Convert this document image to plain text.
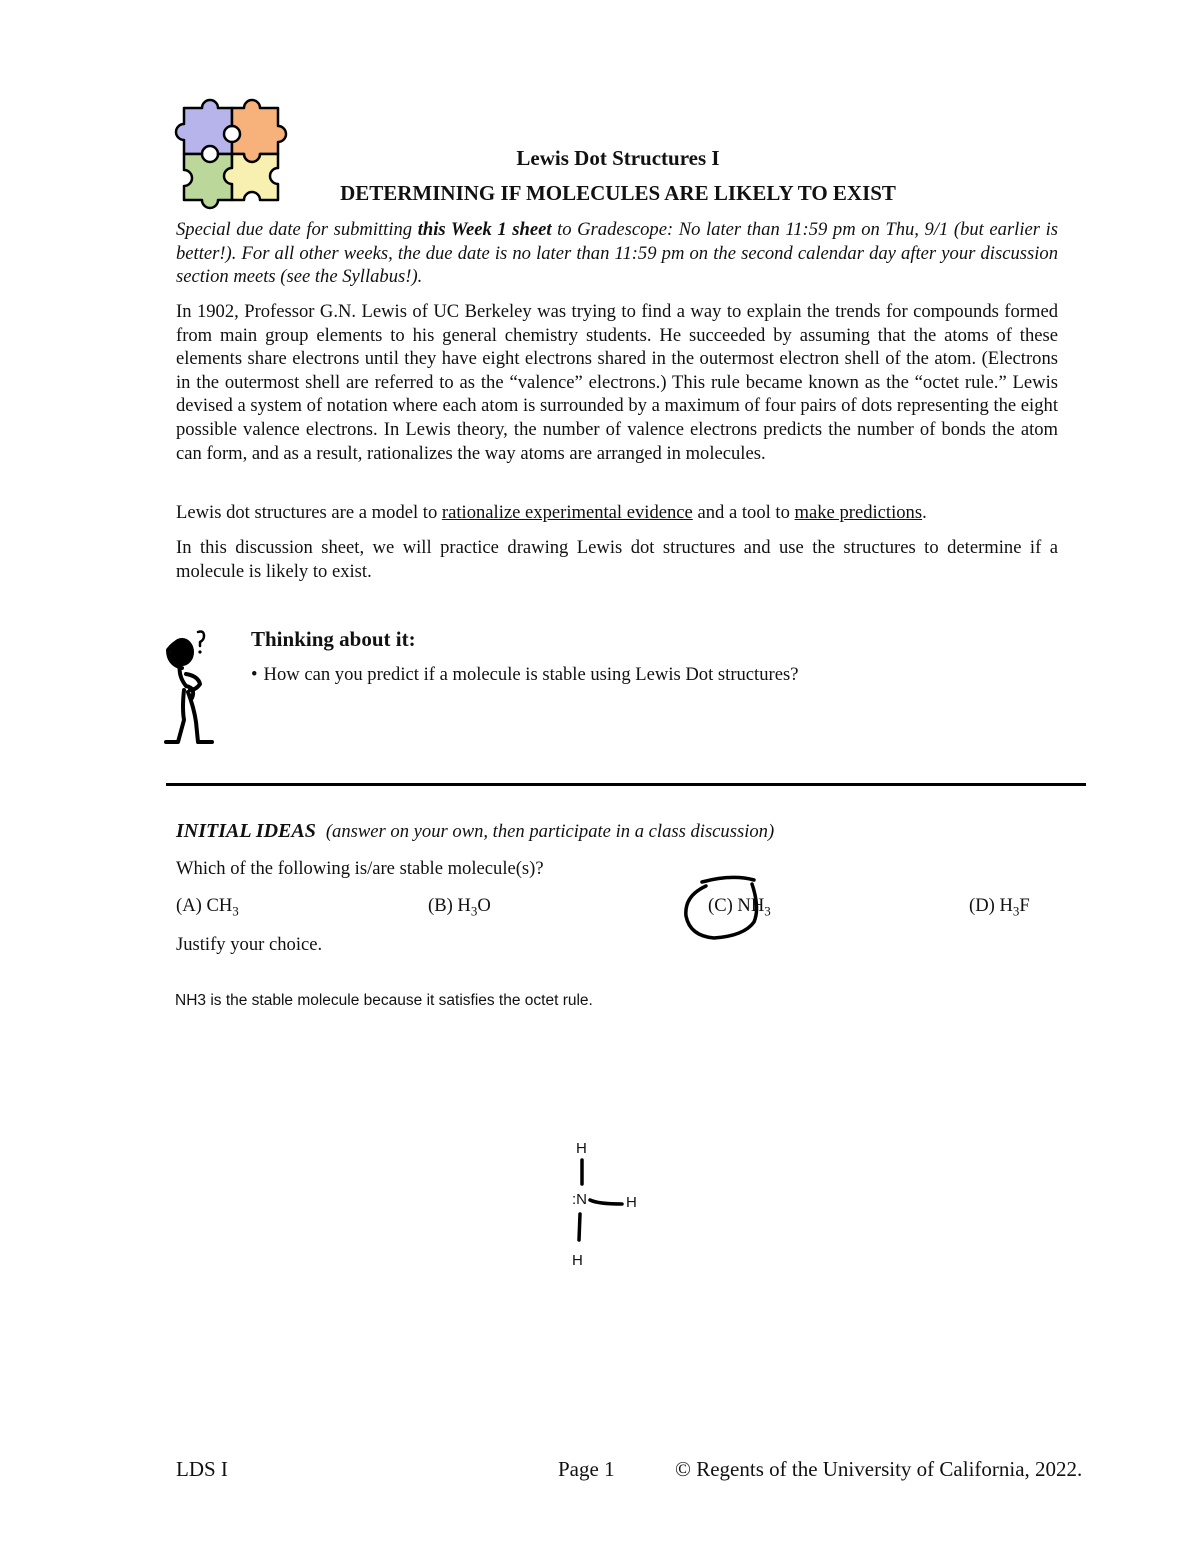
Lewis Dot Structures I
DETERMINING IF MOLECULES ARE LIKELY TO EXIST
Special due date for submitting this Week 1 sheet to Gradescope: No later than 11:59 pm on Thu, 9/1 (but earlier is better!). For all other weeks, the due date is no later than 11:59 pm on the second calendar day after your discussion section meets (see the Syllabus!).
In 1902, Professor G.N. Lewis of UC Berkeley was trying to find a way to explain the trends for compounds formed from main group elements to his general chemistry students. He succeeded by assuming that the atoms of these elements share electrons until they have eight electrons shared in the outermost electron shell of the atom. (Electrons in the outermost shell are referred to as the “valence” electrons.) This rule became known as the “octet rule.” Lewis devised a system of notation where each atom is surrounded by a maximum of four pairs of dots representing the eight possible valence electrons. In Lewis theory, the number of valence electrons predicts the number of bonds the atom can form, and as a result, rationalizes the way atoms are arranged in molecules.
Lewis dot structures are a model to rationalize experimental evidence and a tool to make predictions.
In this discussion sheet, we will practice drawing Lewis dot structures and use the structures to determine if a molecule is likely to exist.
Thinking about it:
• How can you predict if a molecule is stable using Lewis Dot structures?
INITIAL IDEAS (answer on your own, then participate in a class discussion)
Which of the following is/are stable molecule(s)?
(A) $CH_3$	(B) $H_3O$	(C) $NH_3$	(D) $H_3F$
Justify your choice.
NH3 is the stable molecule because it satisfies the octet rule.
H
:N	H
H
LDS I	Page 1	© Regents of the University of California, 2022.
